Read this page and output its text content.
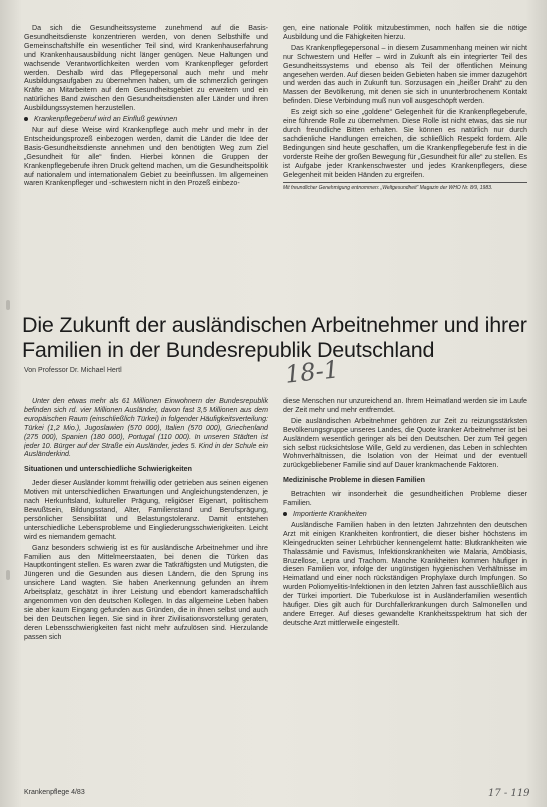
Da sich die Gesundheitssysteme zunehmend auf die Basis-Gesundheitsdienste konzentrieren werden, von denen Selbsthilfe und Gemeinschaftshilfe ein wesentlicher Teil sind, wird Krankenhauserfahrung und Krankenhausausbildung nicht länger genügen. Neue Haltungen und wachsende Verantwortlichkeiten werden vom Krankenpfleger gefordert werden. Deshalb wird das Pflegepersonal auch mehr und mehr Ausbildungsaufgaben zu übernehmen haben, um die schmerzlich geringen Kräfte an Mitarbeitern auf dem Gesundheitsgebiet zu erweitern und ein natürliches Band zwischen den Gesundheitsdiensten aller Länder und ihren Ausbildungssystemen herzustellen.

Krankenpflegeberuf wird an Einfluß gewinnen

Nur auf diese Weise wird Krankenpflege auch mehr und mehr in der Entscheidungsprozeß einbezogen werden, damit die Länder die Idee der Basis-Gesundheitsdienste annehmen und den benötigten Weg zum Ziel „Gesundheit für alle“ finden. Hierbei können die Gruppen der Krankenpflegeberufe ihren Druck geltend machen, um die Gesundheitspolitik auf nationalem und internationalem Gebiet zu beeinflussen. Im allgemeinen waren Krankenpfleger und -schwestern nicht in den Prozeß einbezo-

gen, eine nationale Politik mitzubestimmen, noch halfen sie die nötige Ausbildung und die Fähigkeiten hierzu.

Das Krankenpflegepersonal – in diesem Zusammenhang meinen wir nicht nur Schwestern und Helfer – wird in Zukunft als ein integrierter Teil des Gesundheitssystems und ebenso als Teil der öffentlichen Meinung angesehen werden. Auf diesen beiden Gebieten haben sie immer dazugehört und werden das auch in Zukunft tun. Sorzusagen ein „heißer Draht“ zu den Massen der Bevölkerung, mit denen sie sich in ununterbrochenem Kontakt befinden. Diese Verbindung muß nun voll ausgeschöpft werden.

Es zeigt sich so eine „goldene“ Gelegenheit für die Krankenpflegeberufe, eine führende Rolle zu übernehmen. Diese Rolle ist nicht etwas, das sie nur durch freundliche Bitten erhalten. Sie können es natürlich nur durch sachdienliche Handlungen erreichen, die schließlich Respekt fordern. Alle Bedingungen sind heute geschaffen, um die Krankenpflegeberufe fest in die vorderste Reihe der großen Bewegung für „Gesundheit für alle“ zu stellen. Es ist Aufgabe jeder Krankenschwester und jedes Krankenpflegers, diese Gelegenheit mit beiden Händen zu ergreifen.

Mit freundlicher Genehmigung entnommen: „Weltgesundheit“ Magazin der WHO Nr. 8/9, 1983.
Die Zukunft der ausländischen Arbeitnehmer und ihrer Familien in der Bundesrepublik Deutschland
Von Professor Dr. Michael Hertl	18-1

Unter den etwas mehr als 61 Millionen Einwohnern der Bundesrepublik befinden sich rd. vier Millionen Ausländer, davon fast 3,5 Millionen aus dem europäischen Raum (einschließlich Türkei) in folgender Häufigkeitsverteilung: Türkei (1,2 Mio.), Jugoslawien (570 000), Italien (570 000), Griechenland (275 000), Spanien (180 000), Portugal (110 000). In unseren Städten ist jeder 10. Bürger auf der Straße ein Ausländer, jedes 5. Kind in der Schule ein Ausländerkind.

Situationen und unterschiedliche Schwierigkeiten

Jeder dieser Ausländer kommt freiwillig oder getrieben aus seinen eigenen Motiven mit unterschiedlichen Erwartungen und Angleichungstendenzen, je nach Herkunftsland, kultureller Prägung, religiöser Eigenart, politischem Bewußtsein, Bildungsstand, Alter, Familienstand und Berufsprägung, persönlicher Sensibilität und Belastungstoleranz. Damit entstehen unterschiedliche Lebensprobleme und Eingliederungsschwierigkeiten. Leicht wird es niemandem gemacht.

Ganz besonders schwierig ist es für ausländische Arbeitnehmer und ihre Familien aus den Mittelmeerstaaten, bei denen die Türken das Hauptkontingent stellen. Es waren zwar die Tatkräftigsten und Mutigsten, die Jüngeren und die Gesunden aus diesen Ländern, die den Sprung ins unsichere Land wagten. Sie haben Anerkennung gefunden an ihrem Arbeitsplatz, geschätzt in ihrer Leistung und ebendort kameradschaftlich angenommen von den deutschen Kollegen. In das allgemeine Leben haben sie aber kaum Eingang gefunden aus Gründen, die in ihnen selbst und auch bei den Deutschen liegen. Sie sind in ihrer Zivilisationsvorstellung geraten, deren Lebensschwierigkeiten fast nicht mehr aufzulösen sind. Hierzulande passen sich

diese Menschen nur unzureichend an. Ihrem Heimatland werden sie im Laufe der Zeit mehr und mehr entfremdet.

Die ausländischen Arbeitnehmer gehören zur Zeit zu reizungsstärksten Bevölkerungsgruppe unseres Landes, die Quote kranker Arbeitnehmer ist bei Ausländern wesentlich geringer als bei den Deutschen. Der zum Teil gegen sich selbst rücksichtslose Wille, Geld zu verdienen, das Leben in schlechten Wohnverhältnissen, die Isolation von der Heimat und der eventuell zurückgebliebener Familie sind auf Dauer krankmachende Faktoren.

Medizinische Probleme in diesen Familien

Betrachten wir insonderheit die gesundheitlichen Probleme dieser Familien.

Importierte Krankheiten

Ausländische Familien haben in den letzten Jahrzehnten den deutschen Arzt mit einigen Krankheiten konfrontiert, die dieser bisher höchstens im Kleingedruckten seiner Lehrbücher kennengelernt hatte: Blutkrankheiten wie Thalassämie und Favismus, Infektionskrankheiten wie Malaria, Amöbiasis, Bruzellose, Lepra und Trachom. Manche Krankheiten kommen häufiger in diesen Familien vor, infolge der ungünstigen hygienischen Verhältnisse im Heimatland und einer noch rückständigen Prophylaxe durch Impfungen. So wurden Poliomyelitis-Infektionen in den letzten Jahren fast ausschließlich aus der Türkei importiert. Die Tuberkulose ist in Ausländerfamilien wesentlich häufiger. Dies gilt auch für Durchfallerkrankungen durch Salmonellen und andere Erreger. Auf dieses gewandelte Krankheitsspektrum hat sich der deutsche Arzt mittlerweile eingestellt.

Krankenpflege 4/83	17 - 119
